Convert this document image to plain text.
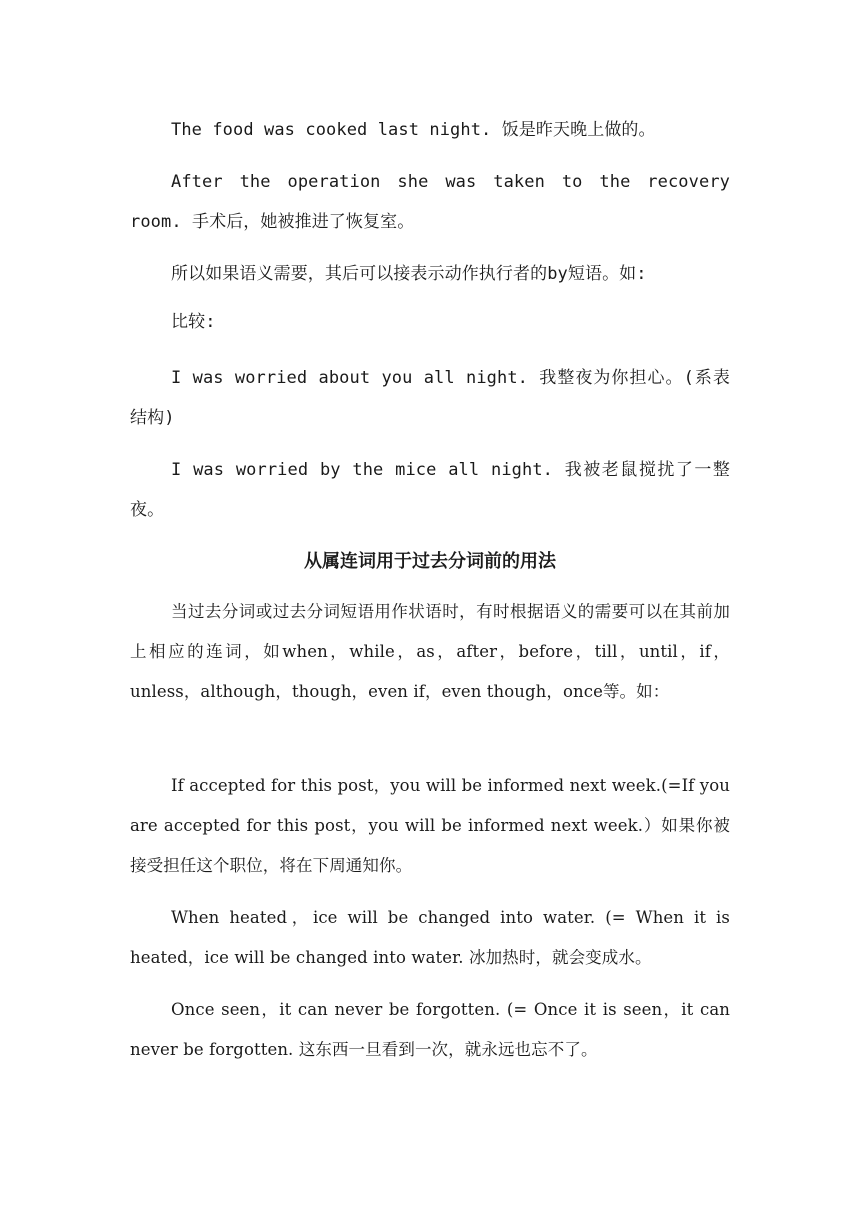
The food was cooked last night. 饭是昨天晚上做的。

After the operation she was taken to the recovery room. 手术后，她被推进了恢复室。

所以如果语义需要，其后可以接表示动作执行者的by短语。如:

比较:

I was worried about you all night. 我整夜为你担心。(系表结构)

I was worried by the mice all night. 我被老鼠搅扰了一整夜。

从属连词用于过去分词前的用法

当过去分词或过去分词短语用作状语时，有时根据语义的需要可以在其前加上相应的连词，如when，while，as，after，before，till，until，if，unless，although，though，even if，even though，once等。如：

If accepted for this post，you will be informed next week.(=If you are accepted for this post，you will be informed next week.）如果你被接受担任这个职位，将在下周通知你。

When heated，ice will be changed into water. (= When it is heated，ice will be changed into water. 冰加热时，就会变成水。

Once seen，it can never be forgotten. (= Once it is seen，it can never be forgotten. 这东西一旦看到一次，就永远也忘不了。
